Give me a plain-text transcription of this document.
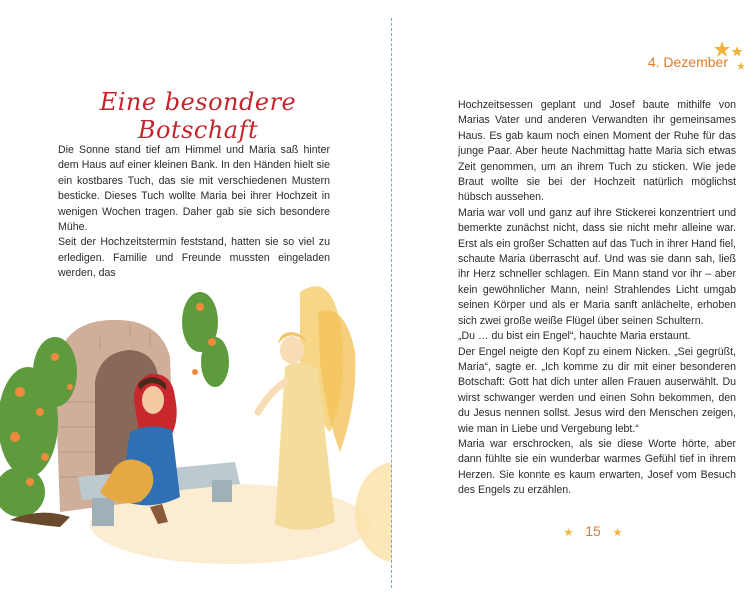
Eine besondere Botschaft

Die Sonne stand tief am Himmel und Maria saß hinter dem Haus auf einer kleinen Bank. In den Händen hielt sie ein kostbares Tuch, das sie mit verschiedenen Mustern besticke. Dieses Tuch wollte Maria bei ihrer Hochzeit in wenigen Wochen tragen. Daher gab sie sich besondere Mühe.

Seit der Hochzeitstermin feststand, hatten sie so viel zu erledigen. Familie und Freunde mussten eingeladen werden, das

4. Dezember

Hochzeitsessen geplant und Josef baute mithilfe von Marias Vater und anderen Verwandten ihr gemeinsames Haus. Es gab kaum noch einen Moment der Ruhe für das junge Paar. Aber heute Nachmittag hatte Maria sich etwas Zeit genommen, um an ihrem Tuch zu sticken. Wie jede Braut wollte sie bei der Hochzeit natürlich möglichst hübsch aussehen.

Maria war voll und ganz auf ihre Stickerei konzentriert und bemerkte zunächst nicht, dass sie nicht mehr alleine war. Erst als ein großer Schatten auf das Tuch in ihrer Hand fiel, schaute Maria überrascht auf. Und was sie dann sah, ließ ihr Herz schneller schlagen. Ein Mann stand vor ihr – aber kein gewöhnlicher Mann, nein! Strahlendes Licht umgab seinen Körper und als er Maria sanft anlächelte, erhoben sich zwei große weiße Flügel über seinen Schultern.

„Du … du bist ein Engel“, hauchte Maria erstaunt.

Der Engel neigte den Kopf zu einem Nicken. „Sei gegrüßt, Maria“, sagte er. „Ich komme zu dir mit einer besonderen Botschaft: Gott hat dich unter allen Frauen auserwählt. Du wirst schwanger werden und einen Sohn bekommen, den du Jesus nennen sollst. Jesus wird den Menschen zeigen, wie man in Liebe und Vergebung lebt.“

Maria war erschrocken, als sie diese Worte hörte, aber dann fühlte sie ein wunderbar warmes Gefühl tief in ihrem Herzen. Sie konnte es kaum erwarten, Josef vom Besuch des Engels zu erzählen.

★ 15 ★
